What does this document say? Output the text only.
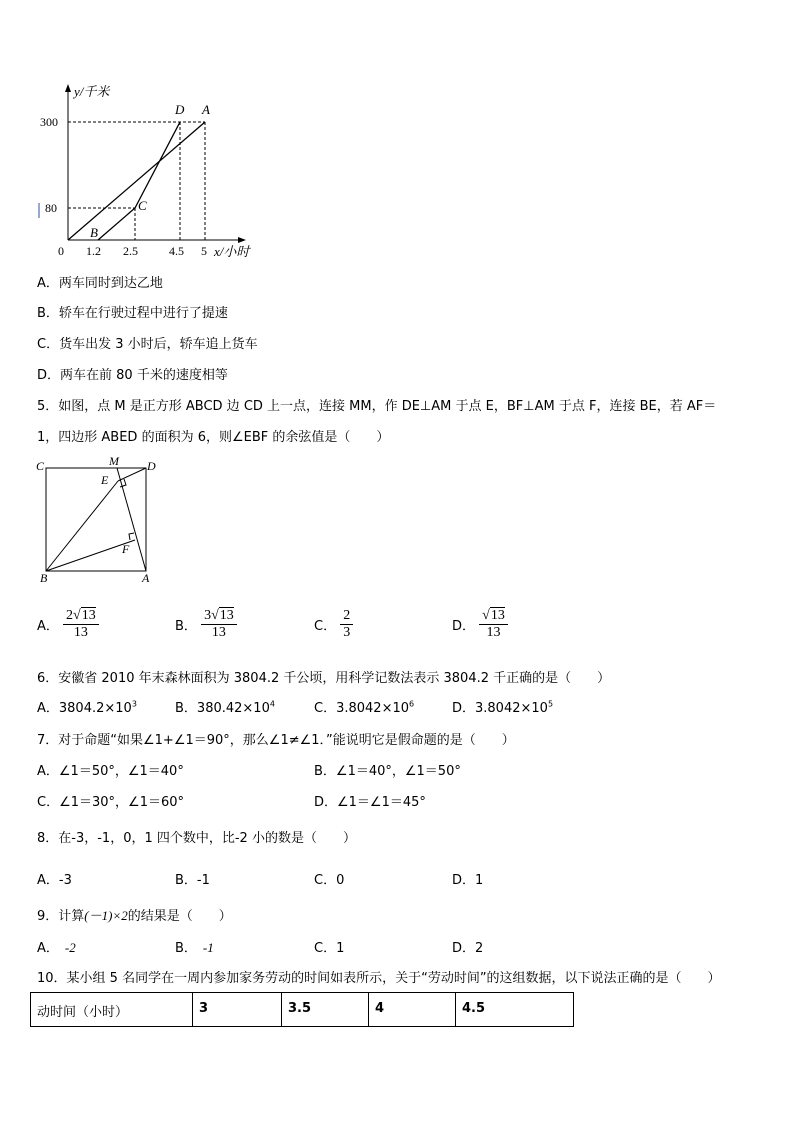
y/千米
x/小时
300
80
0 1.2 2.5	4.5 5
D A
C
B
A．两车同时到达乙地
B．轿车在行驶过程中进行了提速
C．货车出发 3 小时后，轿车追上货车
D．两车在前 80 千米的速度相等
5．如图，点 M 是正方形 ABCD 边 CD 上一点，连接 MM，作 DE⊥AM 于点 E，BF⊥AM 于点 F，连接 BE，若 AF＝
1，四边形 ABED 的面积为 6，则∠EBF 的余弦值是（　　）
C	M D
E
F
B	A
A． $\frac{2√13}{13}$	B． $\frac{3√13}{13}$	C． $\frac{2}{3}$	D． $\frac{√13}{13}$
6．安徽省 2010 年末森林面积为 3804.2 千公顷，用科学记数法表示 3804.2 千正确的是（　　）
A．$3804.2\times 10^3$	B．$380.42\times 10^4$	C．$3.8042\times 10^6$	D．$3.8042\times 10^5$
7．对于命题“如果∠1+∠1＝90°，那么∠1≠∠1．”能说明它是假命题的是（　　）
A．∠1＝50°，∠1＝40°	B．∠1＝40°，∠1＝50°
C．∠1＝30°，∠1＝60°	D．∠1＝∠1＝45°
8．在-3，-1，0，1 四个数中，比-2 小的数是（　　）
A．-3	B．-1	C．0	D．1
9．计算(－1)×2的结果是（　　）
A． -2	B． -1	C．1	D．2
10．某小组 5 名同学在一周内参加家务劳动的时间如表所示，关于“劳动时间”的这组数据，以下说法正确的是（　　）
动时间（小时）	3	3.5	4	4.5
